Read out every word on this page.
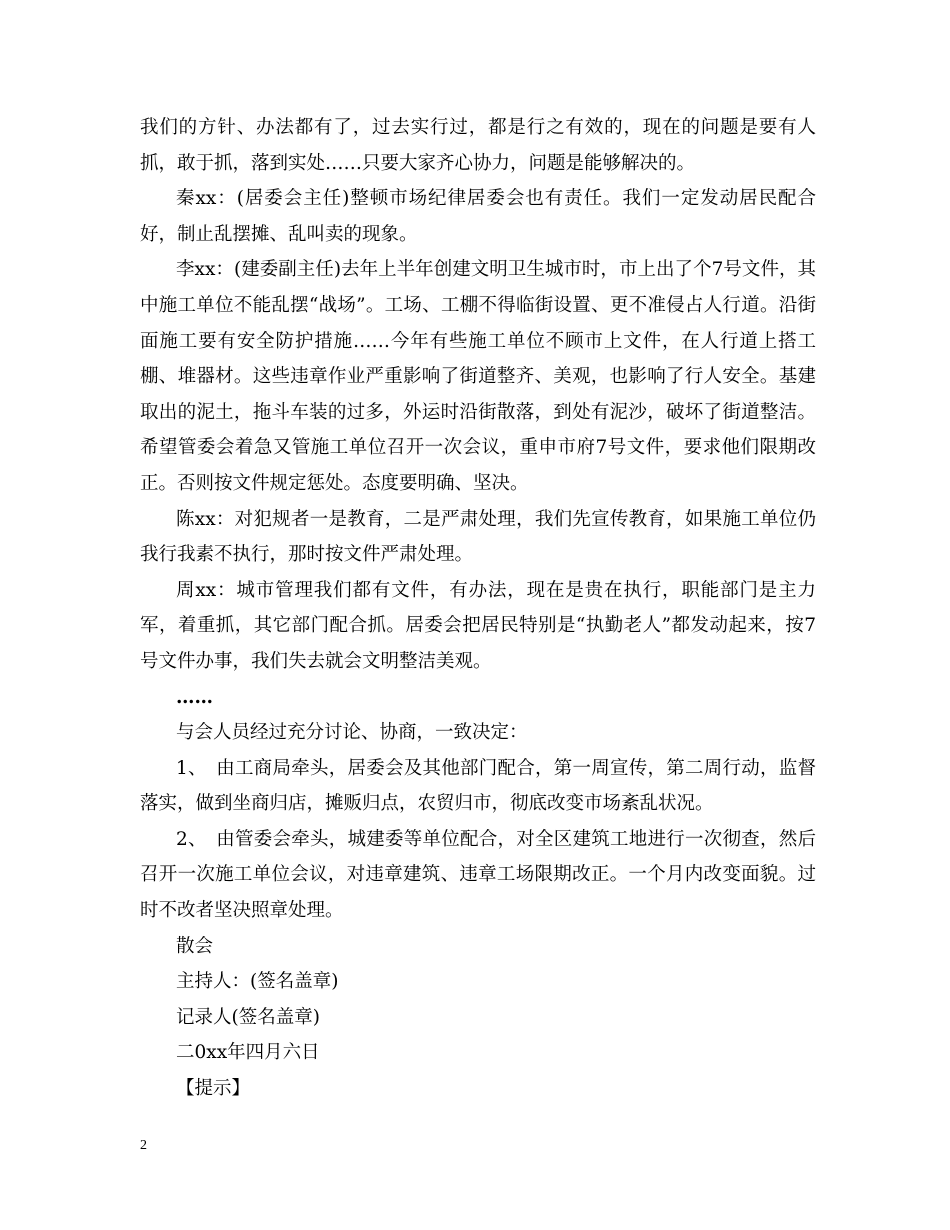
我们的方针、办法都有了，过去实行过，都是行之有效的，现在的问题是要有人抓，敢于抓，落到实处……只要大家齐心协力，问题是能够解决的。

秦xx：(居委会主任)整顿市场纪律居委会也有责任。我们一定发动居民配合好，制止乱摆摊、乱叫卖的现象。

李xx：(建委副主任)去年上半年创建文明卫生城市时，市上出了个7号文件，其中施工单位不能乱摆“战场”。工场、工棚不得临街设置、更不准侵占人行道。沿街面施工要有安全防护措施……今年有些施工单位不顾市上文件，在人行道上搭工棚、堆器材。这些违章作业严重影响了街道整齐、美观，也影响了行人安全。基建取出的泥土，拖斗车装的过多，外运时沿街散落，到处有泥沙，破坏了街道整洁。希望管委会着急又管施工单位召开一次会议，重申市府7号文件，要求他们限期改正。否则按文件规定惩处。态度要明确、坚决。

陈xx：对犯规者一是教育，二是严肃处理，我们先宣传教育，如果施工单位仍我行我素不执行，那时按文件严肃处理。

周xx：城市管理我们都有文件，有办法，现在是贵在执行，职能部门是主力军，着重抓，其它部门配合抓。居委会把居民特别是“执勤老人”都发动起来，按7号文件办事，我们失去就会文明整洁美观。

……

与会人员经过充分讨论、协商，一致决定：

1、　由工商局牵头，居委会及其他部门配合，第一周宣传，第二周行动，监督落实，做到坐商归店，摊贩归点，农贸归市，彻底改变市场紊乱状况。

2、　由管委会牵头，城建委等单位配合，对全区建筑工地进行一次彻查，然后召开一次施工单位会议，对违章建筑、违章工场限期改正。一个月内改变面貌。过时不改者坚决照章处理。

散会

主持人：(签名盖章)

记录人(签名盖章)

二0xx年四月六日

【提示】

2
